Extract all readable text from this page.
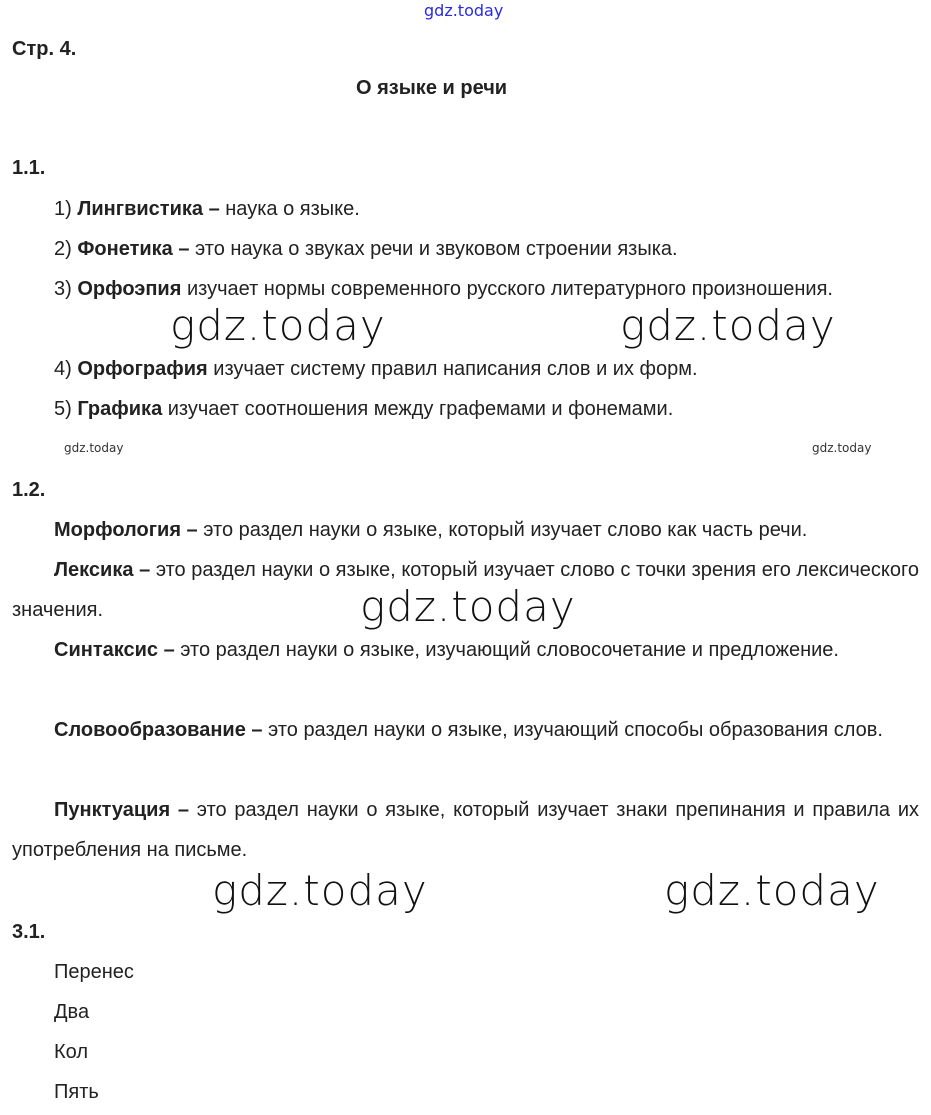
gdz.today
Стр. 4.
О языке и речи
1.1.
1) Лингвистика – наука о языке.
2) Фонетика – это наука о звуках речи и звуковом строении языка.
3) Орфоэпия изучает нормы современного русского литературного произношения.
4) Орфография изучает систему правил написания слов и их форм.
5) Графика изучает соотношения между графемами и фонемами.
1.2.
Морфология – это раздел науки о языке, который изучает слово как часть речи.
Лексика – это раздел науки о языке, который изучает слово с точки зрения его лексического значения.
Синтаксис – это раздел науки о языке, изучающий словосочетание и предложение.
Словообразование – это раздел науки о языке, изучающий способы образования слов.
Пунктуация – это раздел науки о языке, который изучает знаки препинания и правила их употребления на письме.
3.1.
Перенес
Два
Кол
Пять
gdz.today	gdz.today
gdz.today
gdz.today	gdz.today
gdz.today	gdz.today
